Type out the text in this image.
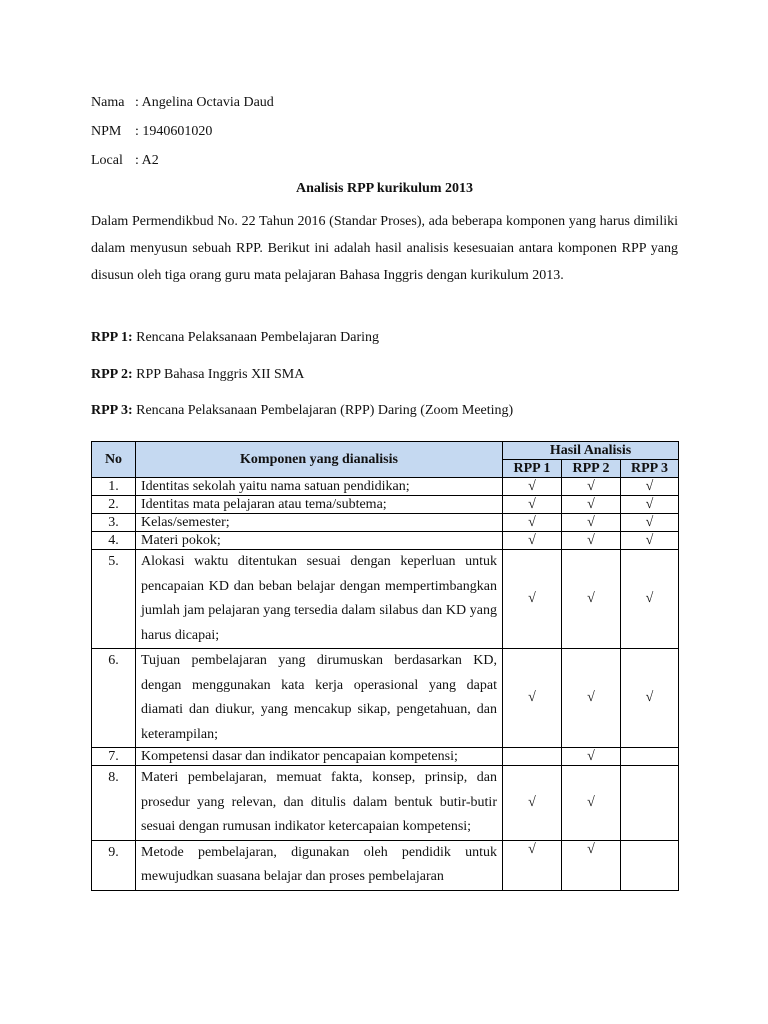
Nama : Angelina Octavia Daud
NPM : 1940601020
Local : A2
Analisis RPP kurikulum 2013
Dalam Permendikbud No. 22 Tahun 2016 (Standar Proses), ada beberapa komponen yang harus dimiliki dalam menyusun sebuah RPP. Berikut ini adalah hasil analisis kesesuaian antara komponen RPP yang disusun oleh tiga orang guru mata pelajaran Bahasa Inggris dengan kurikulum 2013.
RPP 1: Rencana Pelaksanaan Pembelajaran Daring
RPP 2: RPP Bahasa Inggris XII SMA
RPP 3: Rencana Pelaksanaan Pembelajaran (RPP) Daring (Zoom Meeting)
No	Komponen yang dianalisis	Hasil Analisis		
		RPP 1	RPP 2	RPP 3
1.	Identitas sekolah yaitu nama satuan pendidikan;	√	√	√
2.	Identitas mata pelajaran atau tema/subtema;	√	√	√
3.	Kelas/semester;	√	√	√
4.	Materi pokok;	√	√	√
5.	Alokasi waktu ditentukan sesuai dengan keperluan untuk pencapaian KD dan beban belajar dengan mempertimbangkan jumlah jam pelajaran yang tersedia dalam silabus dan KD yang harus dicapai;	√	√	√
6.	Tujuan pembelajaran yang dirumuskan berdasarkan KD, dengan menggunakan kata kerja operasional yang dapat diamati dan diukur, yang mencakup sikap, pengetahuan, dan keterampilan;	√	√	√
7.	Kompetensi dasar dan indikator pencapaian kompetensi;		√	
8.	Materi pembelajaran, memuat fakta, konsep, prinsip, dan prosedur yang relevan, dan ditulis dalam bentuk butir-butir sesuai dengan rumusan indikator ketercapaian kompetensi;	√	√	
9.	Metode pembelajaran, digunakan oleh pendidik untuk mewujudkan suasana belajar dan proses pembelajaran	√	√	
